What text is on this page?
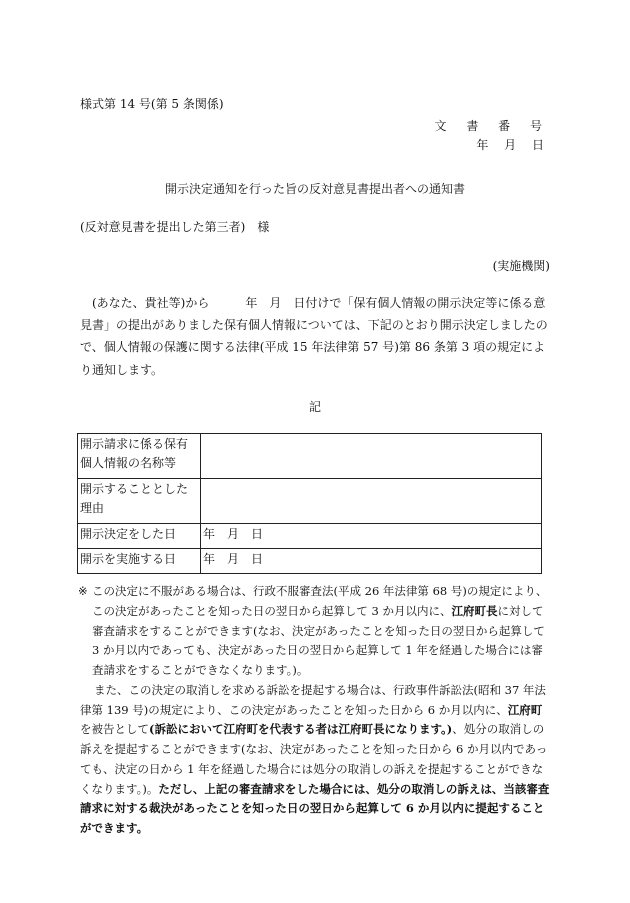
様式第 14 号(第 5 条関係)

文 書 番 号

年 月 日

開示決定通知を行った旨の反対意見書提出者への通知書

(反対意見書を提出した第三者)　様

(実施機関)

(あなた、貴社等)から　　　年　月　日付けで「保有個人情報の開示決定等に係る意見書」の提出がありました保有個人情報については、下記のとおり開示決定しましたので、個人情報の保護に関する法律(平成 15 年法律第 57 号)第 86 条第 3 項の規定により通知します。

記

開示請求に係る保有個人情報の名称等	
開示することとした理由	
開示決定をした日	年　月　日
開示を実施する日	年　月　日

※ この決定に不服がある場合は、行政不服審査法(平成 26 年法律第 68 号)の規定により、この決定があったことを知った日の翌日から起算して 3 か月以内に、江府町長に対して審査請求をすることができます(なお、決定があったことを知った日の翌日から起算して 3 か月以内であっても、決定があった日の翌日から起算して 1 年を経過した場合には審査請求をすることができなくなります。)。

また、この決定の取消しを求める訴訟を提起する場合は、行政事件訴訟法(昭和 37 年法律第 139 号)の規定により、この決定があったことを知った日から 6 か月以内に、江府町を被告として(訴訟において江府町を代表する者は江府町長になります。)、処分の取消しの訴えを提起することができます(なお、決定があったことを知った日から 6 か月以内であっても、決定の日から 1 年を経過した場合には処分の取消しの訴えを提起することができなくなります。)。ただし、上記の審査請求をした場合には、処分の取消しの訴えは、当該審査請求に対する裁決があったことを知った日の翌日から起算して 6 か月以内に提起することができます。
